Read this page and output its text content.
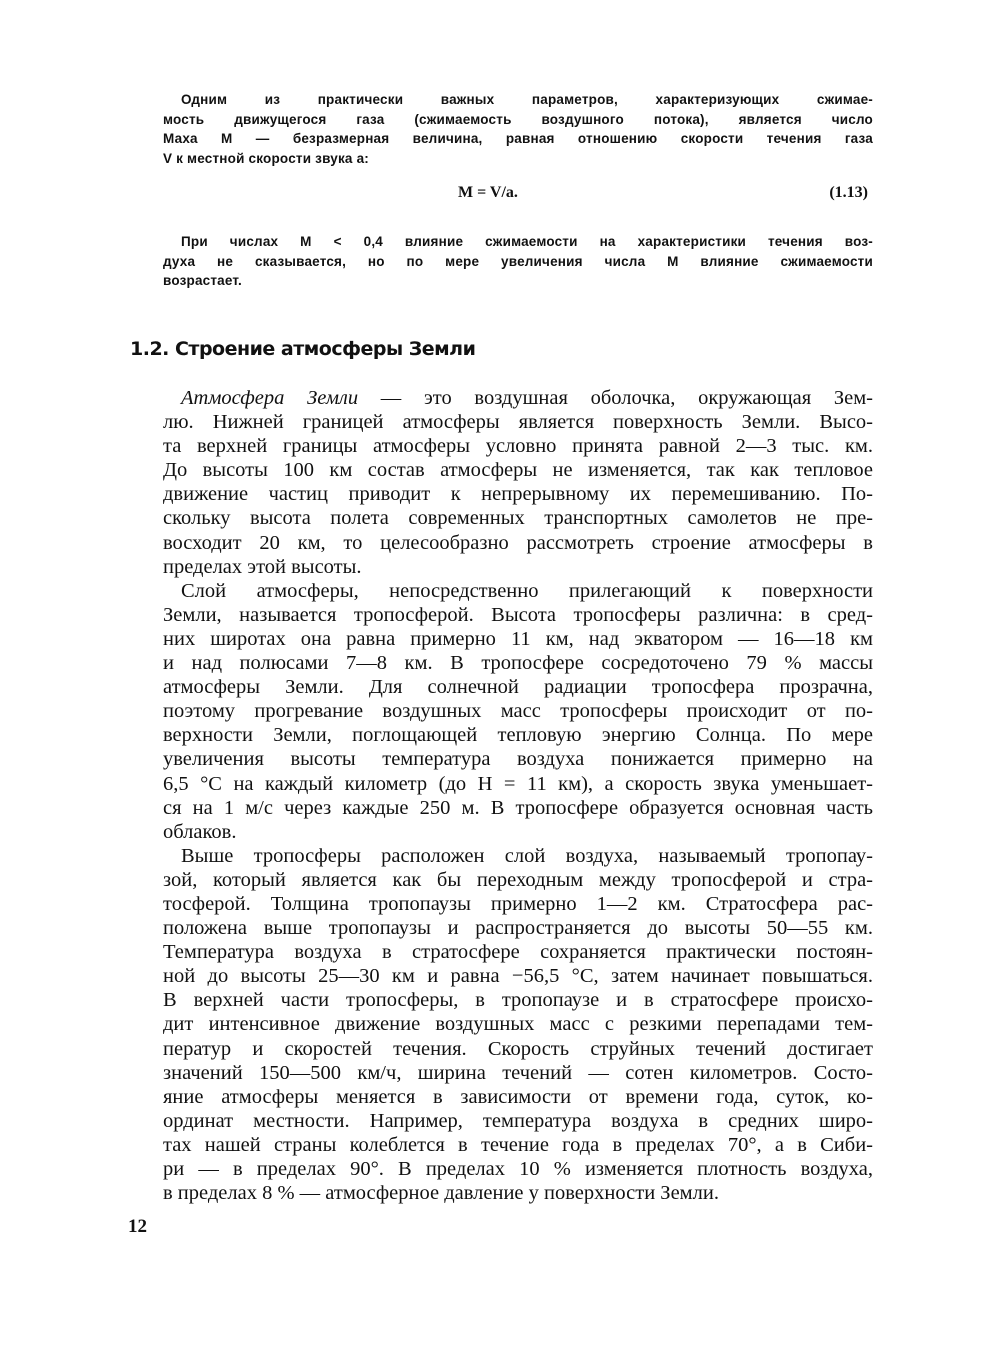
Одним из практически важных параметров, характеризующих сжимае-
мость движущегося газа (сжимаемость воздушного потока), является число
Маха M — безразмерная величина, равная отношению скорости течения газа
V к местной скорости звука a:
M = V/a.	(1.13)
При числах M < 0,4 влияние сжимаемости на характеристики течения воз-
духа не сказывается, но по мере увеличения числа M влияние сжимаемости
возрастает.
1.2. Строение атмосферы Земли
Атмосфера Земли — это воздушная оболочка, окружающая Зем-
лю. Нижней границей атмосферы является поверхность Земли. Высо-
та верхней границы атмосферы условно принята равной 2—3 тыс. км.
До высоты 100 км состав атмосферы не изменяется, так как тепловое
движение частиц приводит к непрерывному их перемешиванию. По-
скольку высота полета современных транспортных самолетов не пре-
восходит 20 км, то целесообразно рассмотреть строение атмосферы в
пределах этой высоты.
Слой атмосферы, непосредственно прилегающий к поверхности
Земли, называется тропосферой. Высота тропосферы различна: в сред-
них широтах она равна примерно 11 км, над экватором — 16—18 км
и над полюсами 7—8 км. В тропосфере сосредоточено 79 % массы
атмосферы Земли. Для солнечной радиации тропосфера прозрачна,
поэтому прогревание воздушных масс тропосферы происходит от по-
верхности Земли, поглощающей тепловую энергию Солнца. По мере
увеличения высоты температура воздуха понижается примерно на
6,5 °С на каждый километр (до H = 11 км), а скорость звука уменьшает-
ся на 1 м/с через каждые 250 м. В тропосфере образуется основная часть
облаков.
Выше тропосферы расположен слой воздуха, называемый тропопау-
зой, который является как бы переходным между тропосферой и стра-
тосферой. Толщина тропопаузы примерно 1—2 км. Стратосфера рас-
положена выше тропопаузы и распространяется до высоты 50—55 км.
Температура воздуха в стратосфере сохраняется практически постоян-
ной до высоты 25—30 км и равна −56,5 °С, затем начинает повышаться.
В верхней части тропосферы, в тропопаузе и в стратосфере происхо-
дит интенсивное движение воздушных масс с резкими перепадами тем-
ператур и скоростей течения. Скорость струйных течений достигает
значений 150—500 км/ч, ширина течений — сотен километров. Состо-
яние атмосферы меняется в зависимости от времени года, суток, ко-
ординат местности. Например, температура воздуха в средних широ-
тах нашей страны колеблется в течение года в пределах 70°, а в Сиби-
ри — в пределах 90°. В пределах 10 % изменяется плотность воздуха,
в пределах 8 % — атмосферное давление у поверхности Земли.
12
